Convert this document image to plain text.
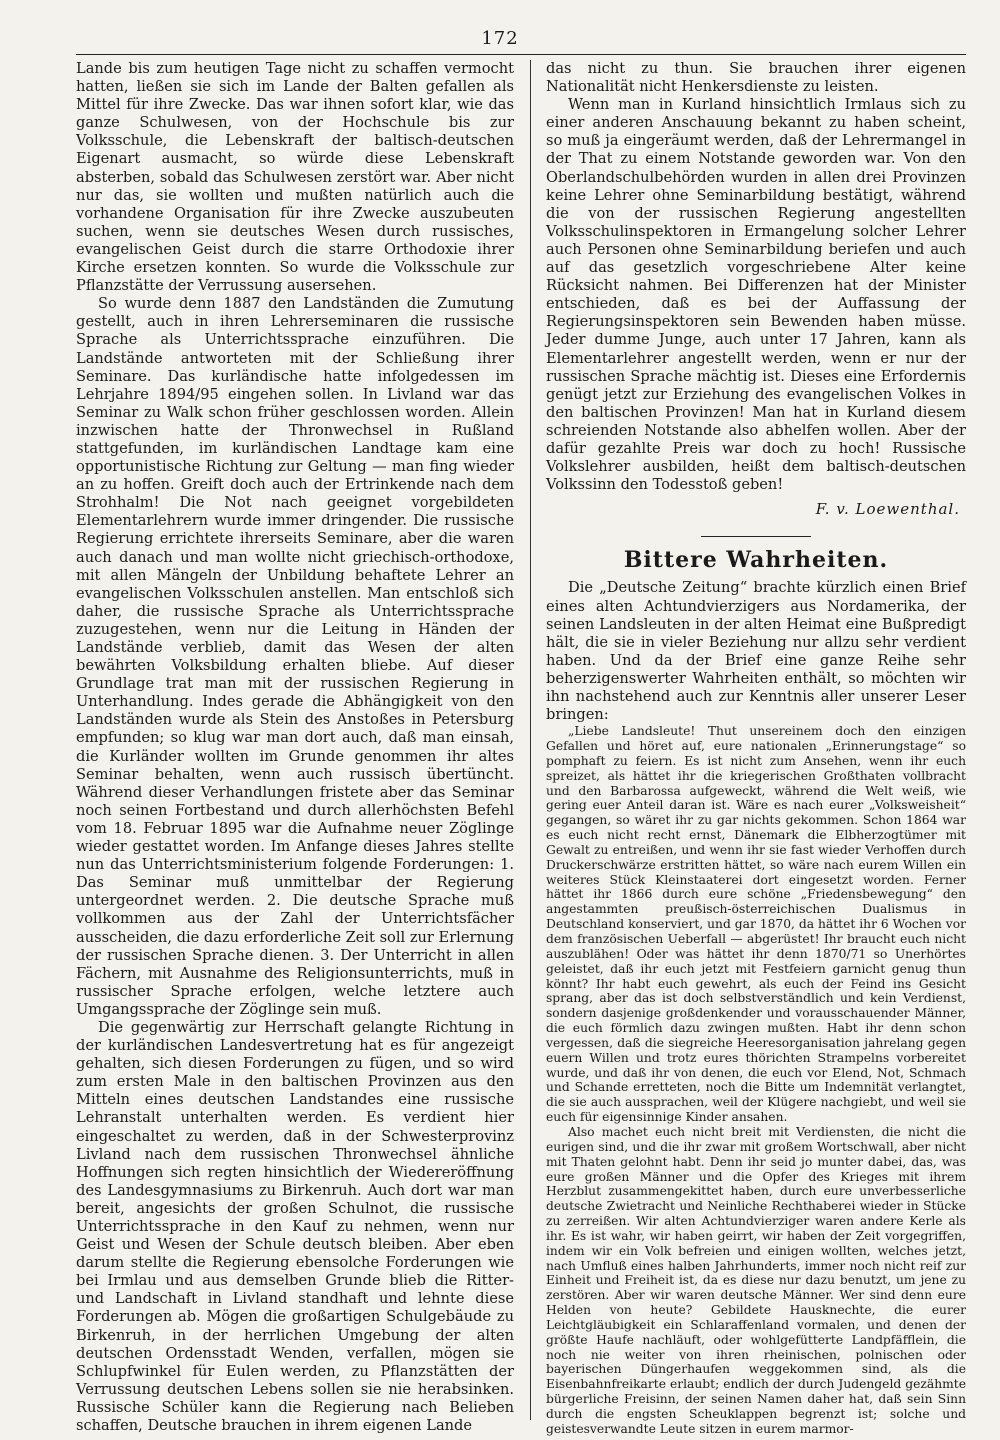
172

Lande bis zum heutigen Tage nicht zu schaffen vermocht hatten, ließen sie sich im Lande der Balten gefallen als Mittel für ihre Zwecke. Das war ihnen sofort klar, wie das ganze Schulwesen, von der Hochschule bis zur Volksschule, die Lebenskraft der baltisch-deutschen Eigenart ausmacht, so würde diese Lebenskraft absterben, sobald das Schulwesen zerstört war. Aber nicht nur das, sie wollten und mußten natürlich auch die vorhandene Organisation für ihre Zwecke auszubeuten suchen, wenn sie deutsches Wesen durch russisches, evangelischen Geist durch die starre Orthodoxie ihrer Kirche ersetzen konnten. So wurde die Volksschule zur Pflanzstätte der Verrussung ausersehen.

So wurde denn 1887 den Landständen die Zumutung gestellt, auch in ihren Lehrerseminaren die russische Sprache als Unterrichtssprache einzuführen. Die Landstände antworteten mit der Schließung ihrer Seminare. Das kurländische hatte infolgedessen im Lehrjahre 1894/95 eingehen sollen. In Livland war das Seminar zu Walk schon früher geschlossen worden. Allein inzwischen hatte der Thronwechsel in Rußland stattgefunden, im kurländischen Landtage kam eine opportunistische Richtung zur Geltung — man fing wieder an zu hoffen. Greift doch auch der Ertrinkende nach dem Strohhalm! Die Not nach geeignet vorgebildeten Elementarlehrern wurde immer dringender. Die russische Regierung errichtete ihrerseits Seminare, aber die waren auch danach und man wollte nicht griechisch-orthodoxe, mit allen Mängeln der Unbildung behaftete Lehrer an evangelischen Volksschulen anstellen. Man entschloß sich daher, die russische Sprache als Unterrichtssprache zuzugestehen, wenn nur die Leitung in Händen der Landstände verblieb, damit das Wesen der alten bewährten Volksbildung erhalten bliebe. Auf dieser Grundlage trat man mit der russischen Regierung in Unterhandlung. Indes gerade die Abhängigkeit von den Landständen wurde als Stein des Anstoßes in Petersburg empfunden; so klug war man dort auch, daß man einsah, die Kurländer wollten im Grunde genommen ihr altes Seminar behalten, wenn auch russisch übertüncht. Während dieser Verhandlungen fristete aber das Seminar noch seinen Fortbestand und durch allerhöchsten Befehl vom 18. Februar 1895 war die Aufnahme neuer Zöglinge wieder gestattet worden. Im Anfange dieses Jahres stellte nun das Unterrichtsministerium folgende Forderungen: 1. Das Seminar muß unmittelbar der Regierung untergeordnet werden. 2. Die deutsche Sprache muß vollkommen aus der Zahl der Unterrichtsfächer ausscheiden, die dazu erforderliche Zeit soll zur Erlernung der russischen Sprache dienen. 3. Der Unterricht in allen Fächern, mit Ausnahme des Religionsunterrichts, muß in russischer Sprache erfolgen, welche letztere auch Umgangssprache der Zöglinge sein muß.

Die gegenwärtig zur Herrschaft gelangte Richtung in der kurländischen Landesvertretung hat es für angezeigt gehalten, sich diesen Forderungen zu fügen, und so wird zum ersten Male in den baltischen Provinzen aus den Mitteln eines deutschen Landstandes eine russische Lehranstalt unterhalten werden. Es verdient hier eingeschaltet zu werden, daß in der Schwesterprovinz Livland nach dem russischen Thronwechsel ähnliche Hoffnungen sich regten hinsichtlich der Wiedereröffnung des Landesgymnasiums zu Birkenruh. Auch dort war man bereit, angesichts der großen Schulnot, die russische Unterrichtssprache in den Kauf zu nehmen, wenn nur Geist und Wesen der Schule deutsch bleiben. Aber eben darum stellte die Regierung ebensolche Forderungen wie bei Irmlau und aus demselben Grunde blieb die Ritter- und Landschaft in Livland standhaft und lehnte diese Forderungen ab. Mögen die großartigen Schulgebäude zu Birkenruh, in der herrlichen Umgebung der alten deutschen Ordensstadt Wenden, verfallen, mögen sie Schlupfwinkel für Eulen werden, zu Pflanzstätten der Verrussung deutschen Lebens sollen sie nie herabsinken. Russische Schüler kann die Regierung nach Belieben schaffen, Deutsche brauchen in ihrem eigenen Lande

das nicht zu thun. Sie brauchen ihrer eigenen Nationalität nicht Henkersdienste zu leisten.

Wenn man in Kurland hinsichtlich Irmlaus sich zu einer anderen Anschauung bekannt zu haben scheint, so muß ja eingeräumt werden, daß der Lehrermangel in der That zu einem Notstande geworden war. Von den Oberlandschulbehörden wurden in allen drei Provinzen keine Lehrer ohne Seminarbildung bestätigt, während die von der russischen Regierung angestellten Volksschulinspektoren in Ermangelung solcher Lehrer auch Personen ohne Seminarbildung beriefen und auch auf das gesetzlich vorgeschriebene Alter keine Rücksicht nahmen. Bei Differenzen hat der Minister entschieden, daß es bei der Auffassung der Regierungsinspektoren sein Bewenden haben müsse. Jeder dumme Junge, auch unter 17 Jahren, kann als Elementarlehrer angestellt werden, wenn er nur der russischen Sprache mächtig ist. Dieses eine Erfordernis genügt jetzt zur Erziehung des evangelischen Volkes in den baltischen Provinzen! Man hat in Kurland diesem schreienden Notstande also abhelfen wollen. Aber der dafür gezahlte Preis war doch zu hoch! Russische Volkslehrer ausbilden, heißt dem baltisch-deutschen Volkssinn den Todesstoß geben!

F. v. Loewenthal.
Bittere Wahrheiten.

Die „Deutsche Zeitung“ brachte kürzlich einen Brief eines alten Achtundvierzigers aus Nordamerika, der seinen Landsleuten in der alten Heimat eine Bußpredigt hält, die sie in vieler Beziehung nur allzu sehr verdient haben. Und da der Brief eine ganze Reihe sehr beherzigenswerter Wahrheiten enthält, so möchten wir ihn nachstehend auch zur Kenntnis aller unserer Leser bringen:

„Liebe Landsleute! Thut unsereinem doch den einzigen Gefallen und höret auf, eure nationalen „Erinnerungstage“ so pomphaft zu feiern. Es ist nicht zum Ansehen, wenn ihr euch spreizet, als hättet ihr die kriegerischen Großthaten vollbracht und den Barbarossa aufgeweckt, während die Welt weiß, wie gering euer Anteil daran ist. Wäre es nach eurer „Volksweisheit“ gegangen, so wäret ihr zu gar nichts gekommen. Schon 1864 war es euch nicht recht ernst, Dänemark die Elbherzogtümer mit Gewalt zu entreißen, und wenn ihr sie fast wieder Verhoffen durch Druckerschwärze erstritten hättet, so wäre nach eurem Willen ein weiteres Stück Kleinstaaterei dort eingesetzt worden. Ferner hättet ihr 1866 durch eure schöne „Friedensbewegung“ den angestammten preußisch-österreichischen Dualismus in Deutschland konserviert, und gar 1870, da hättet ihr 6 Wochen vor dem französischen Ueberfall — abgerüstet! Ihr braucht euch nicht auszublähen! Oder was hättet ihr denn 1870/71 so Unerhörtes geleistet, daß ihr euch jetzt mit Festfeiern garnicht genug thun könnt? Ihr habt euch gewehrt, als euch der Feind ins Gesicht sprang, aber das ist doch selbstverständlich und kein Verdienst, sondern dasjenige großdenkender und vorausschauender Männer, die euch förmlich dazu zwingen mußten. Habt ihr denn schon vergessen, daß die siegreiche Heeresorganisation jahrelang gegen euern Willen und trotz eures thörichten Strampelns vorbereitet wurde, und daß ihr von denen, die euch vor Elend, Not, Schmach und Schande erretteten, noch die Bitte um Indemnität verlangtet, die sie auch aussprachen, weil der Klügere nachgiebt, und weil sie euch für eigensinnige Kinder ansahen.

Also machet euch nicht breit mit Verdiensten, die nicht die eurigen sind, und die ihr zwar mit großem Wortschwall, aber nicht mit Thaten gelohnt habt. Denn ihr seid jo munter dabei, das, was eure großen Männer und die Opfer des Krieges mit ihrem Herzblut zusammengekittet haben, durch eure unverbesserliche deutsche Zwietracht und Neinliche Rechthaberei wieder in Stücke zu zerreißen. Wir alten Achtundvierziger waren andere Kerle als ihr. Es ist wahr, wir haben geirrt, wir haben der Zeit vorgegriffen, indem wir ein Volk befreien und einigen wollten, welches jetzt, nach Umfluß eines halben Jahrhunderts, immer noch nicht reif zur Einheit und Freiheit ist, da es diese nur dazu benutzt, um jene zu zerstören. Aber wir waren deutsche Männer. Wer sind denn eure Helden von heute? Gebildete Hausknechte, die eurer Leichtgläubigkeit ein Schlaraffenland vormalen, und denen der größte Haufe nachläuft, oder wohlgefütterte Landpfäfflein, die noch nie weiter von ihren rheinischen, polnischen oder bayerischen Düngerhaufen weggekommen sind, als die Eisenbahnfreikarte erlaubt; endlich der durch Judengeld gezähmte bürgerliche Freisinn, der seinen Namen daher hat, daß sein Sinn durch die engsten Scheuklappen begrenzt ist; solche und geistesverwandte Leute sitzen in eurem marmor-
